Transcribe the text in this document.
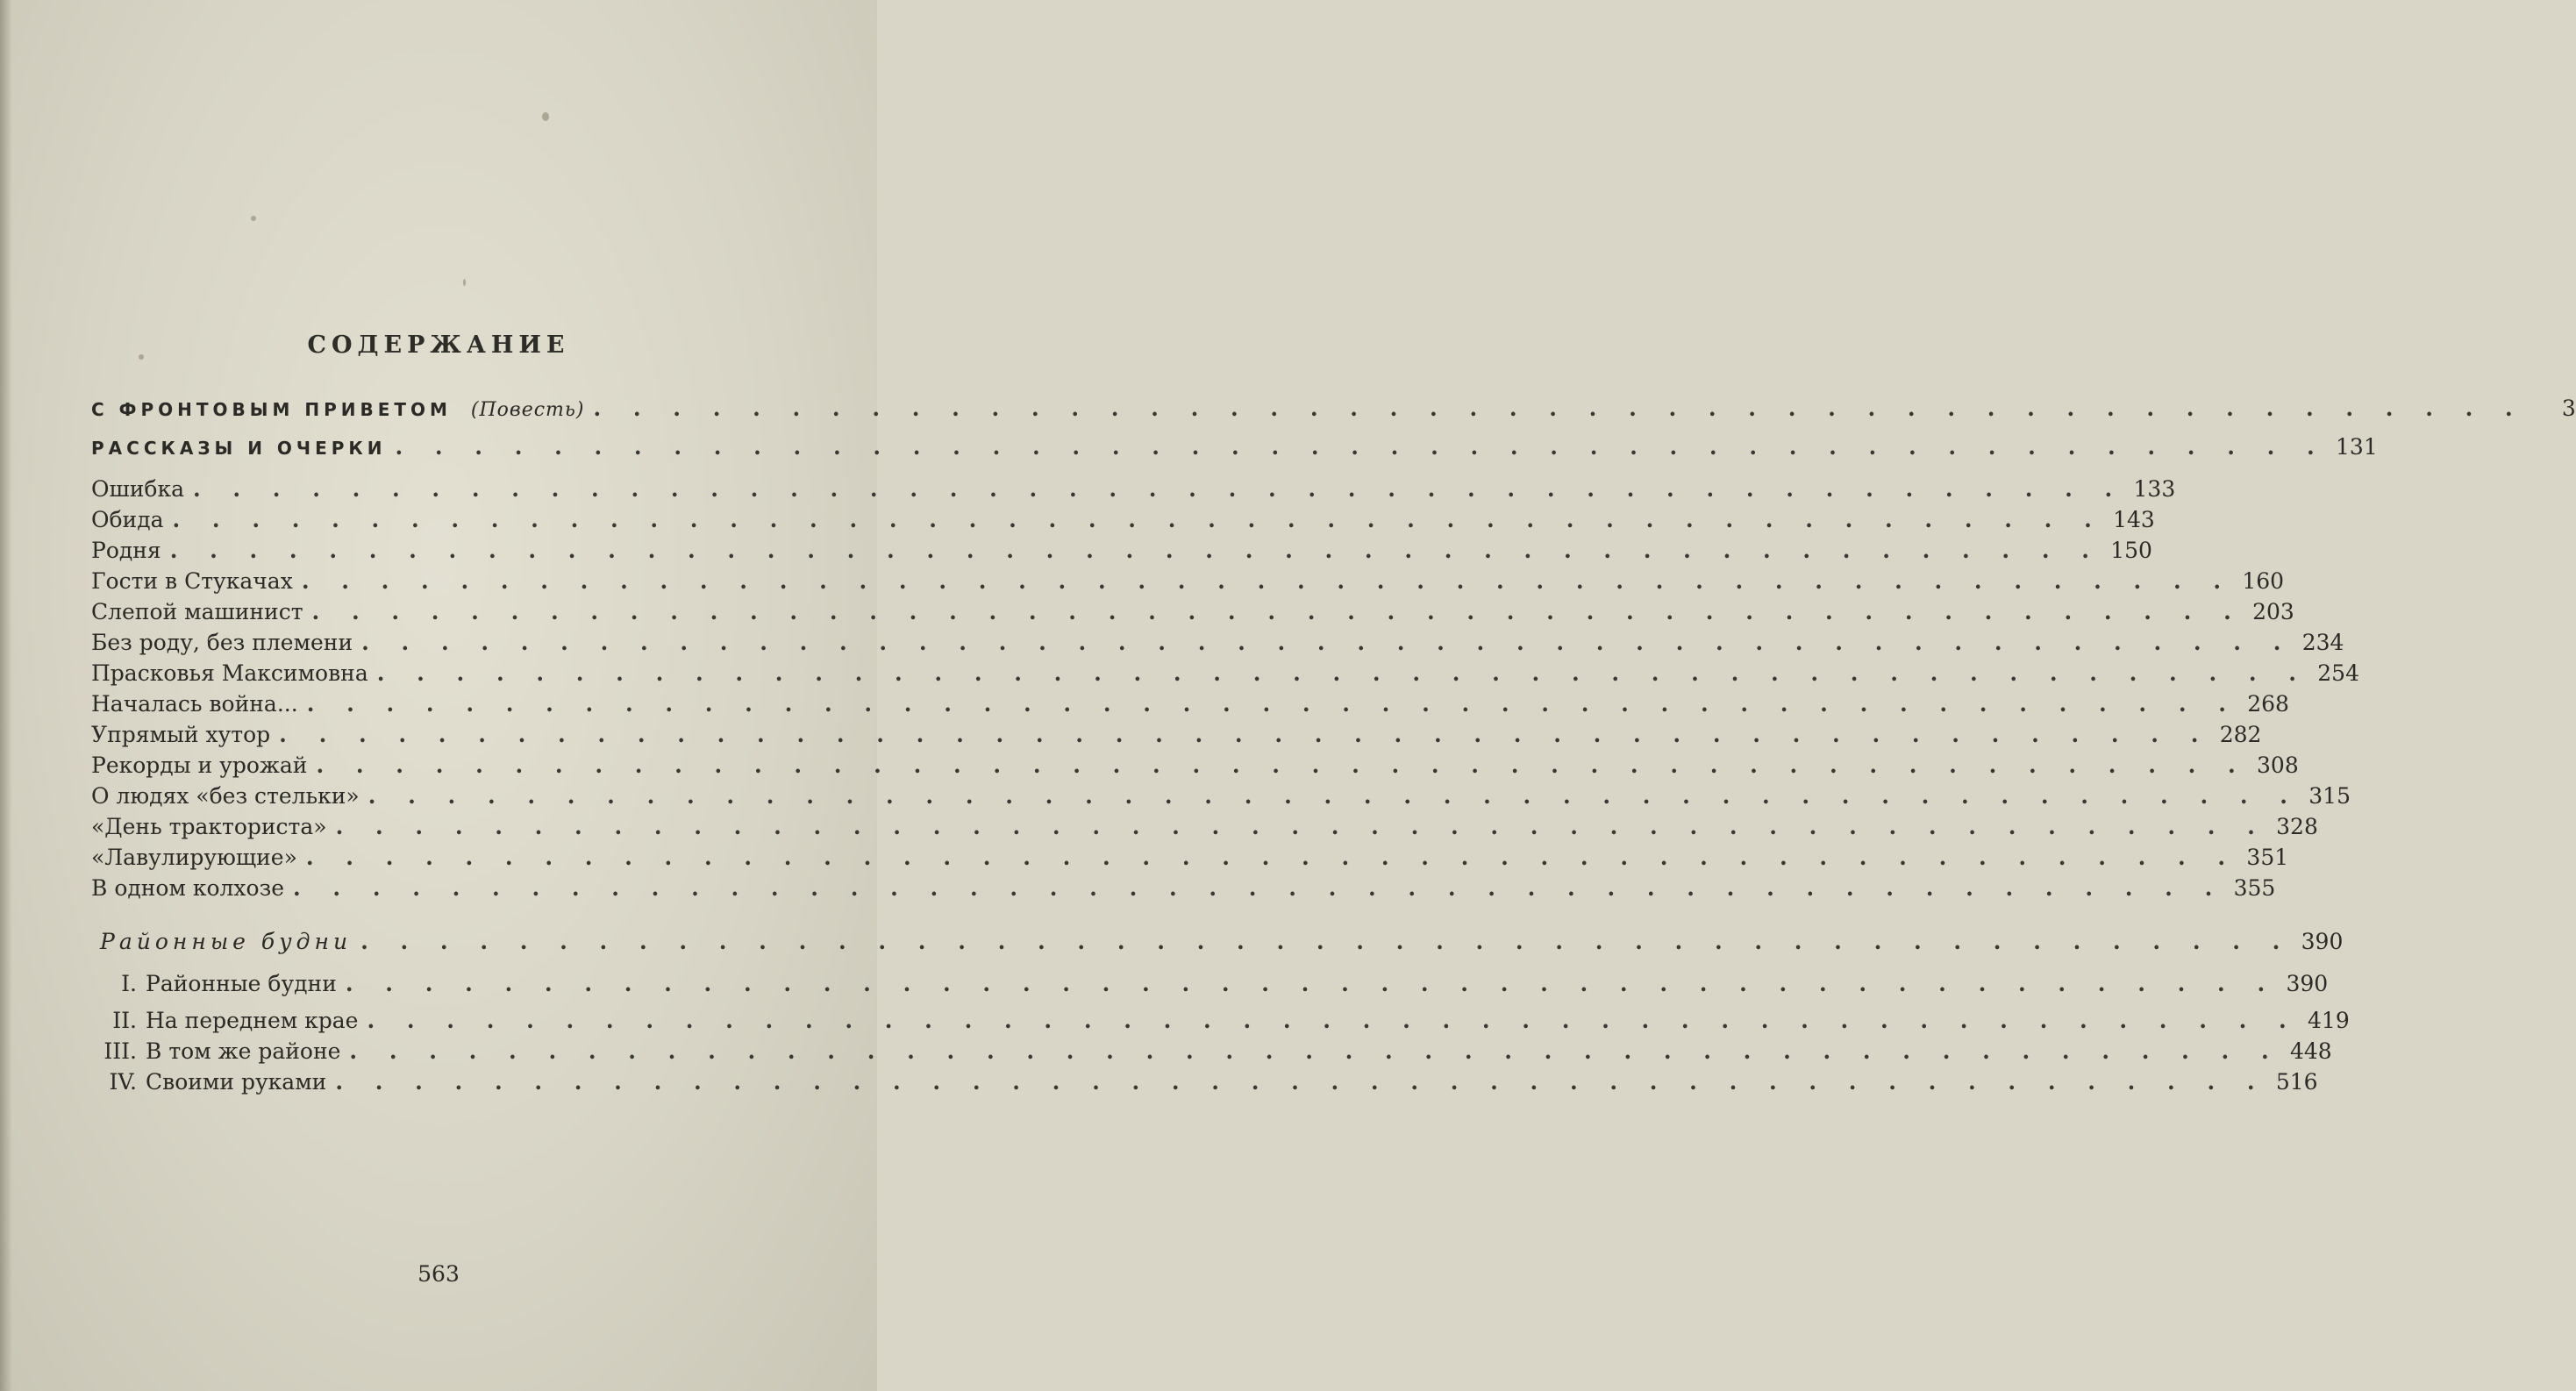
СОДЕРЖАНИЕ
С ФРОНТОВЫМ ПРИВЕТОМ (Повесть) . . . . . . . . . . . . . . . . . . . . . . . . . . . . . . . . . . . . . . . . . . . . . . . . .	3
РАССКАЗЫ И ОЧЕРКИ . . . . . . . . . . . . . . . . . . . . . . . . . . . . . . . . . . . . . . . . . . . . . . . . . 131
Ошибка . . . . . . . . . . . . . . . . . . . . . . . . . . . . . . . . . . . . . . . . . . . . . . . . . 133
Обида . . . . . . . . . . . . . . . . . . . . . . . . . . . . . . . . . . . . . . . . . . . . . . . . . 143
Родня . . . . . . . . . . . . . . . . . . . . . . . . . . . . . . . . . . . . . . . . . . . . . . . . . 150
Гости в Стукачах . . . . . . . . . . . . . . . . . . . . . . . . . . . . . . . . . . . . . . . . . . . . . . . . . 160
Слепой машинист . . . . . . . . . . . . . . . . . . . . . . . . . . . . . . . . . . . . . . . . . . . . . . . . . 203
Без роду, без племени . . . . . . . . . . . . . . . . . . . . . . . . . . . . . . . . . . . . . . . . . . . . . . . . . 234
Прасковья Максимовна . . . . . . . . . . . . . . . . . . . . . . . . . . . . . . . . . . . . . . . . . . . . . . . . . 254
Началась война... . . . . . . . . . . . . . . . . . . . . . . . . . . . . . . . . . . . . . . . . . . . . . . . . . 268
Упрямый хутор . . . . . . . . . . . . . . . . . . . . . . . . . . . . . . . . . . . . . . . . . . . . . . . . . 282
Рекорды и урожай . . . . . . . . . . . . . . . . . . . . . . . . . . . . . . . . . . . . . . . . . . . . . . . . . 308
О людях «без стельки» . . . . . . . . . . . . . . . . . . . . . . . . . . . . . . . . . . . . . . . . . . . . . . . . . 315
«День тракториста» . . . . . . . . . . . . . . . . . . . . . . . . . . . . . . . . . . . . . . . . . . . . . . . . . 328
«Лавулирующие» . . . . . . . . . . . . . . . . . . . . . . . . . . . . . . . . . . . . . . . . . . . . . . . . . 351
В одном колхозе . . . . . . . . . . . . . . . . . . . . . . . . . . . . . . . . . . . . . . . . . . . . . . . . . 355
Районные будни . . . . . . . . . . . . . . . . . . . . . . . . . . . . . . . . . . . . . . . . . . . . . . . . . 390
I. Районные будни . . . . . . . . . . . . . . . . . . . . . . . . . . . . . . . . . . . . . . . . . . . . . . . . . 390
II. На переднем крае . . . . . . . . . . . . . . . . . . . . . . . . . . . . . . . . . . . . . . . . . . . . . . . . . 419
III. В том же районе . . . . . . . . . . . . . . . . . . . . . . . . . . . . . . . . . . . . . . . . . . . . . . . . . 448
IV. Своими руками . . . . . . . . . . . . . . . . . . . . . . . . . . . . . . . . . . . . . . . . . . . . . . . . . 516
563
